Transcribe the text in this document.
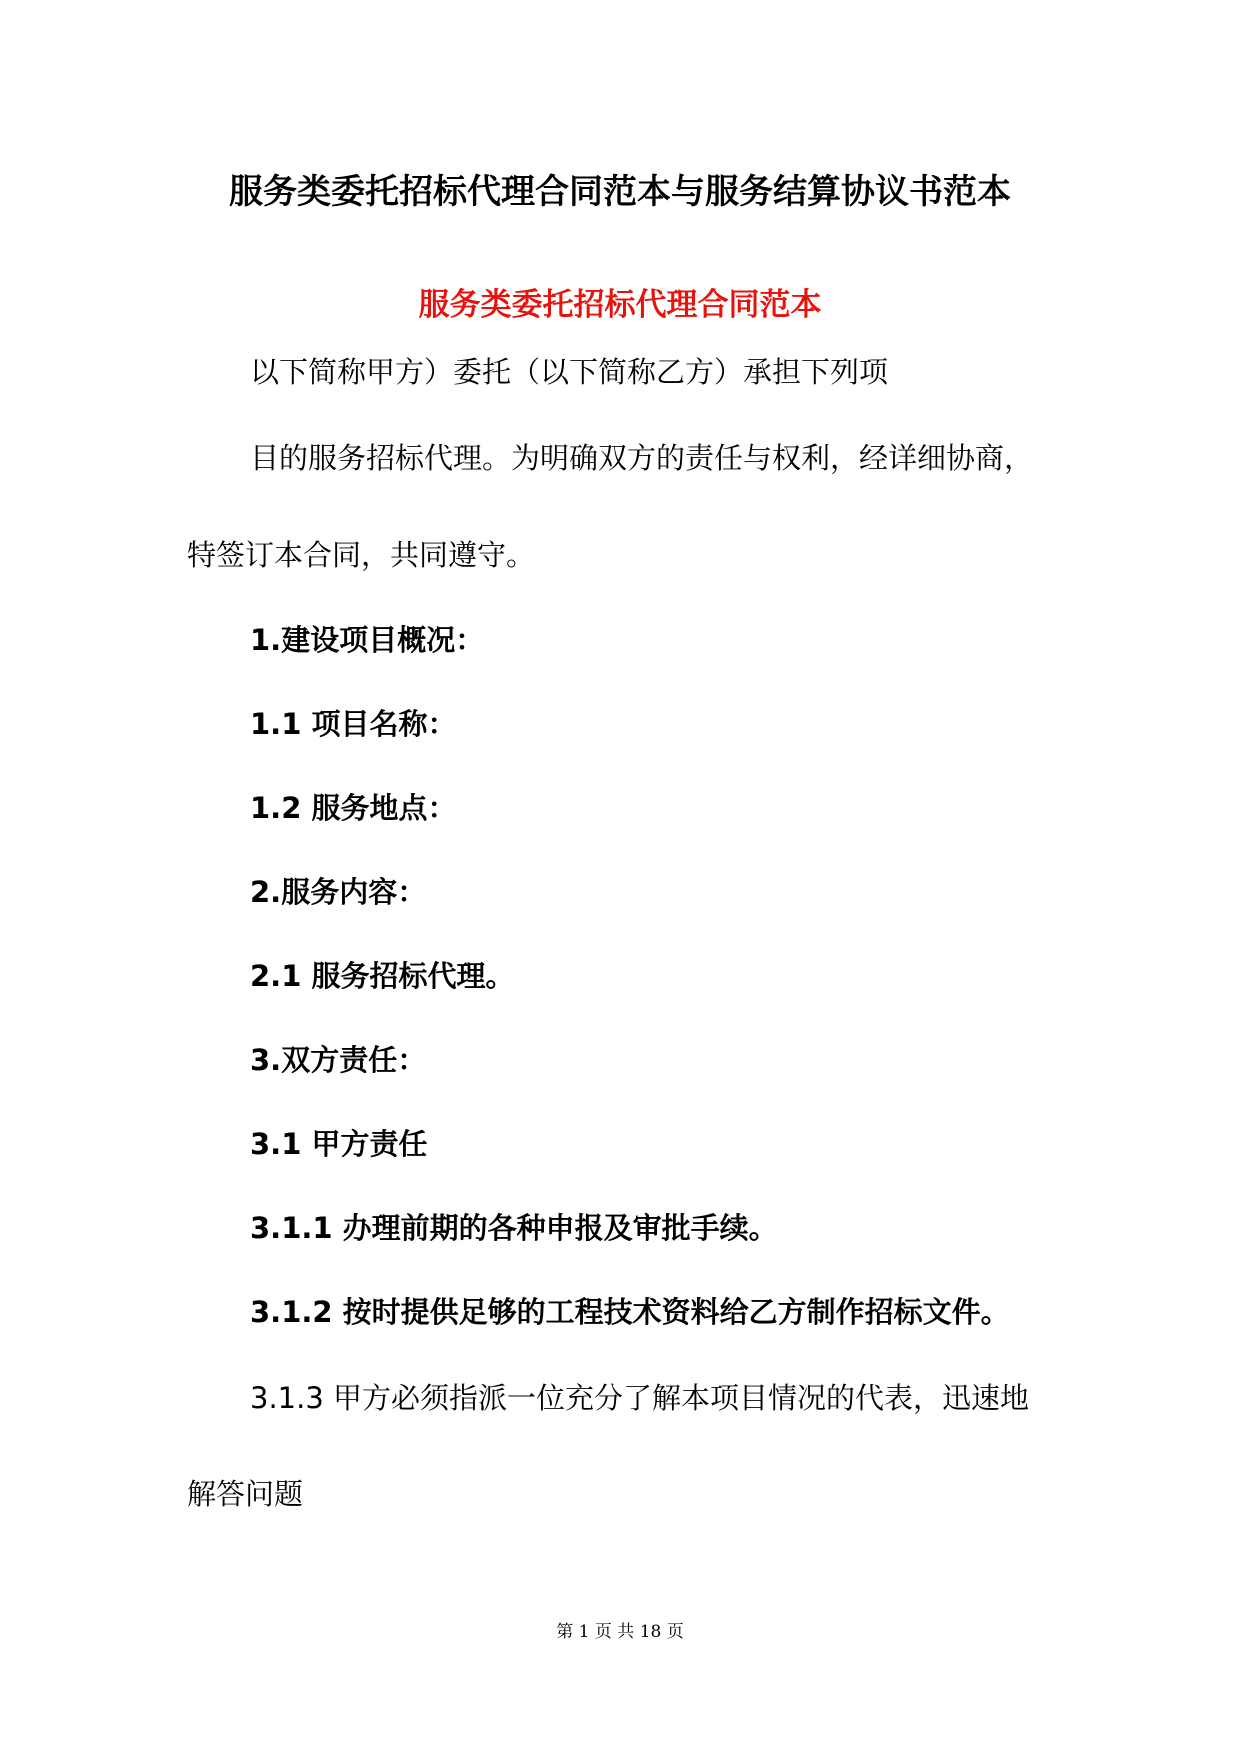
服务类委托招标代理合同范本与服务结算协议书范本
服务类委托招标代理合同范本

以下简称甲方）委托（以下简称乙方）承担下列项

目的服务招标代理。为明确双方的责任与权利，经详细协商，

特签订本合同，共同遵守。

1.建设项目概况：

1.1 项目名称：

1.2 服务地点：

2.服务内容：

2.1 服务招标代理。

3.双方责任：

3.1 甲方责任

3.1.1 办理前期的各种申报及审批手续。

3.1.2 按时提供足够的工程技术资料给乙方制作招标文件。

3.1.3 甲方必须指派一位充分了解本项目情况的代表，迅速地

解答问题

第 1 页 共 18 页
